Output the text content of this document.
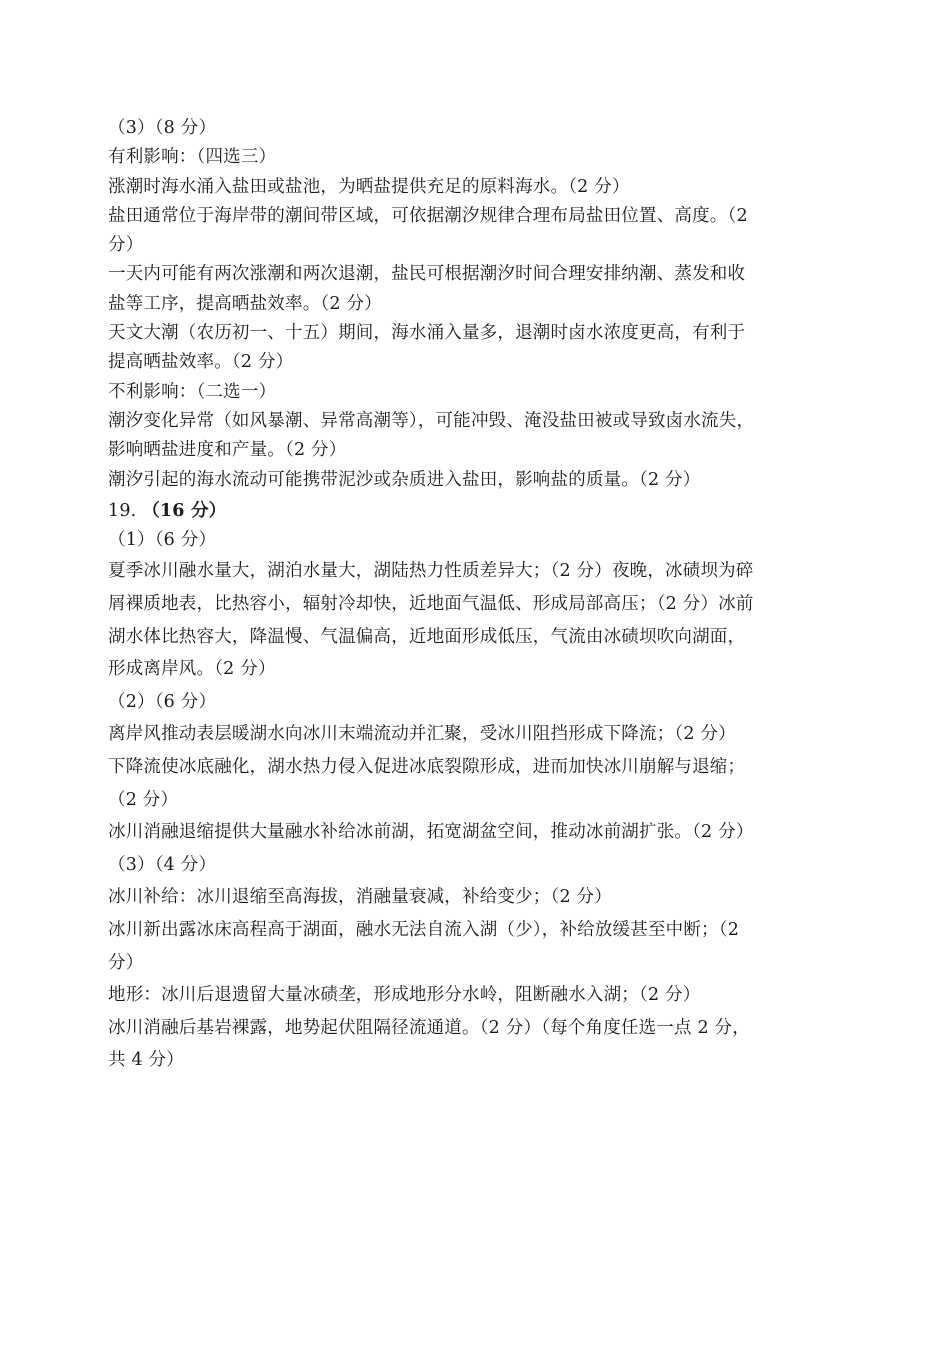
（3）（8 分）

有利影响：（四选三）

涨潮时海水涌入盐田或盐池，为晒盐提供充足的原料海水。（2 分）

盐田通常位于海岸带的潮间带区域，可依据潮汐规律合理布局盐田位置、高度。（2

分）

一天内可能有两次涨潮和两次退潮，盐民可根据潮汐时间合理安排纳潮、蒸发和收

盐等工序，提高晒盐效率。（2 分）

天文大潮（农历初一、十五）期间，海水涌入量多，退潮时卤水浓度更高，有利于

提高晒盐效率。（2 分）

不利影响：（二选一）

潮汐变化异常（如风暴潮、异常高潮等），可能冲毁、淹没盐田被或导致卤水流失，

影响晒盐进度和产量。（2 分）

潮汐引起的海水流动可能携带泥沙或杂质进入盐田，影响盐的质量。（2 分）

19. （16 分）

（1）（6 分）

夏季冰川融水量大，湖泊水量大，湖陆热力性质差异大；（2 分）夜晚，冰碛坝为碎

屑裸质地表，比热容小，辐射冷却快，近地面气温低、形成局部高压；（2 分）冰前

湖水体比热容大，降温慢、气温偏高，近地面形成低压，气流由冰碛坝吹向湖面，

形成离岸风。（2 分）

（2）（6 分）

离岸风推动表层暖湖水向冰川末端流动并汇聚，受冰川阻挡形成下降流；（2 分）

下降流使冰底融化，湖水热力侵入促进冰底裂隙形成，进而加快冰川崩解与退缩；

（2 分）

冰川消融退缩提供大量融水补给冰前湖，拓宽湖盆空间，推动冰前湖扩张。（2 分）

（3）（4 分）

冰川补给：冰川退缩至高海拔，消融量衰减，补给变少；（2 分）

冰川新出露冰床高程高于湖面，融水无法自流入湖（少），补给放缓甚至中断；（2

分）

地形：冰川后退遗留大量冰碛垄，形成地形分水岭，阻断融水入湖；（2 分）

冰川消融后基岩裸露，地势起伏阻隔径流通道。（2 分）（每个角度任选一点 2 分，

共 4 分）
